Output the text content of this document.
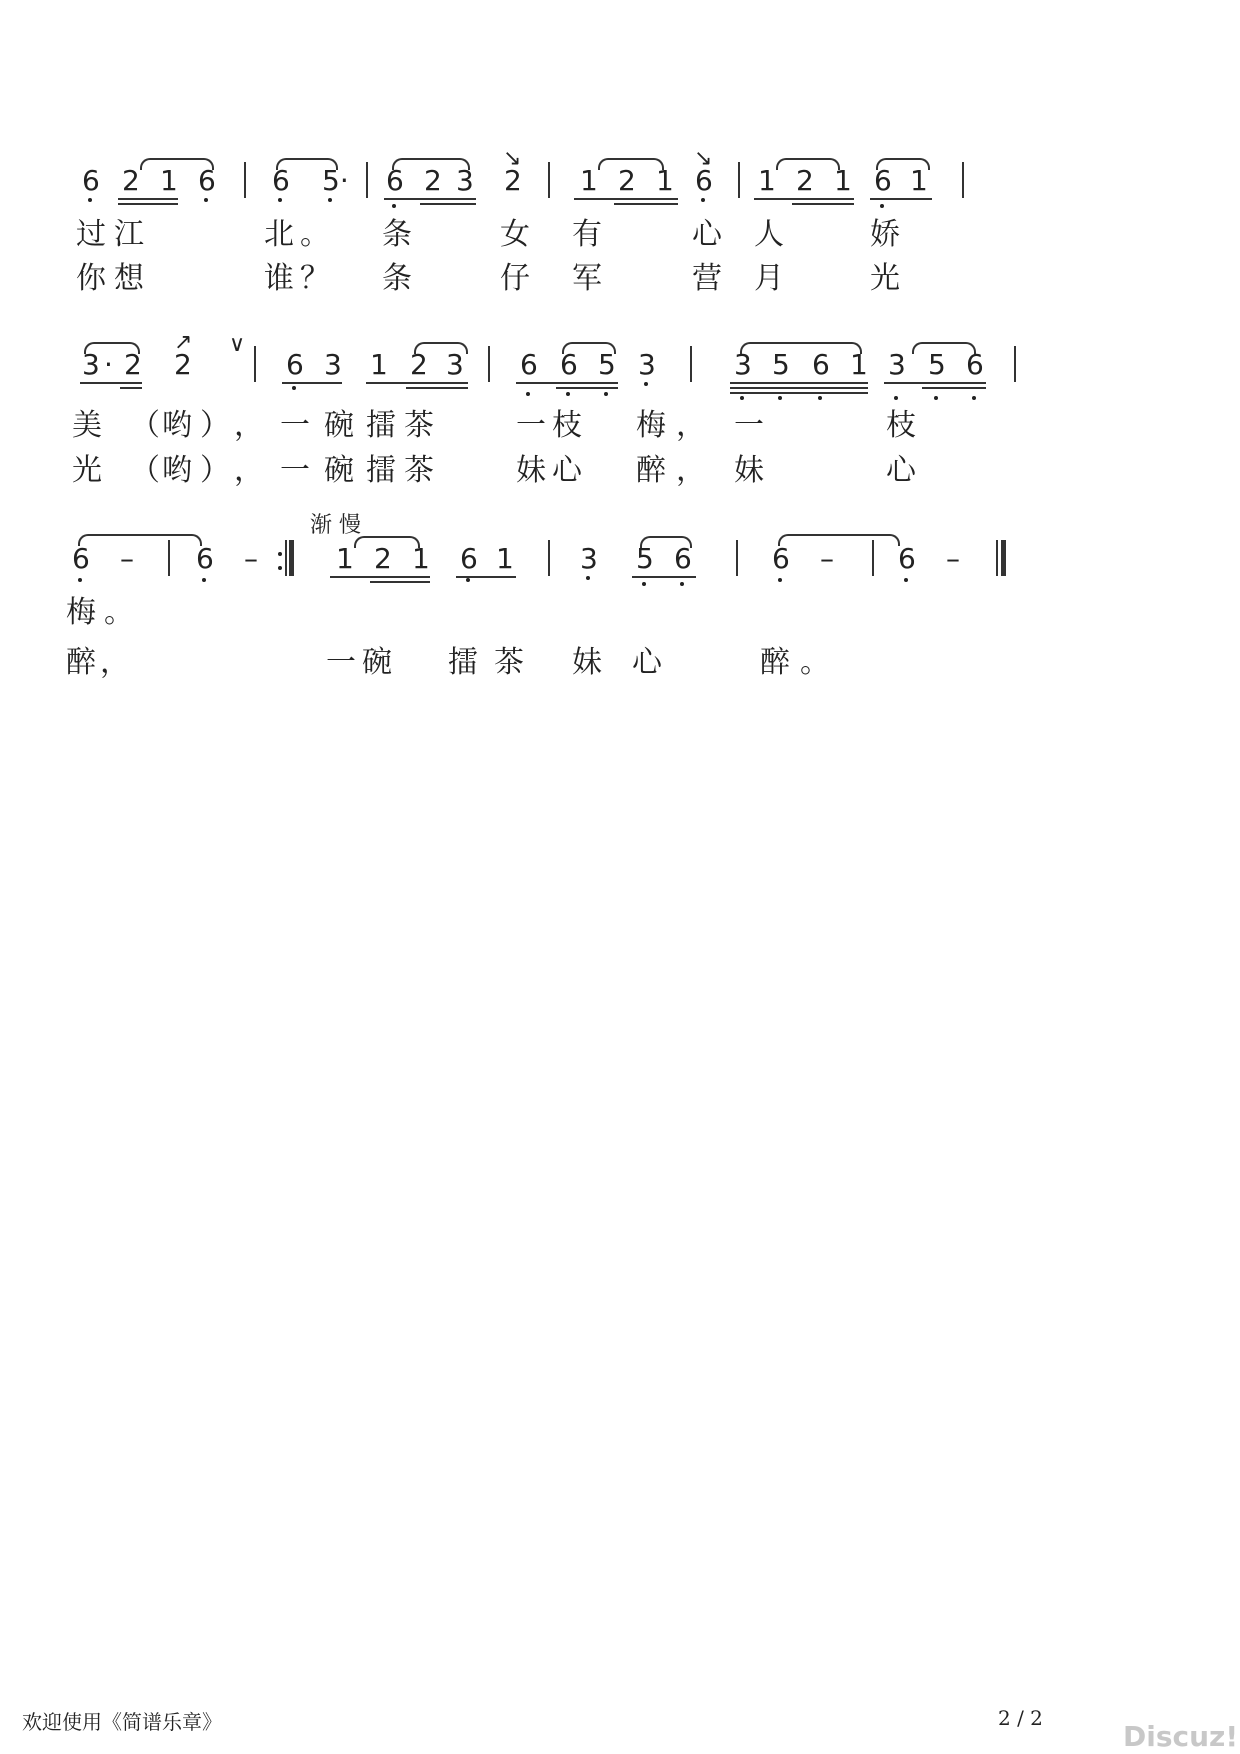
6 2 1 6 6 5· 6 2 3
↘
2 1 2 1
↘
6 1 2 1 6 1
过 江	北 。 条	女 有	心 人	娇
你 想	谁 ？ 条	仔 军	营 月	光
3 · 2
↗
2
∨
6 3 1 2 3 6 6 5 3	3 5 6 1 3 5 6
美 （ 哟 ） ， 一 碗 擂 茶	一 枝 梅 ， 一	枝
光 （ 哟 ） ， 一 碗 擂 茶	妹 心 醉 ， 妹	心
渐 慢
6 – 6 –	1 2 1 6 1 3 5 6	6 – 6 –
梅 。
醉 ，	一 碗 擂 茶 妹 心	醉 。
欢迎使用《简谱乐章》	2 / 2
Discuz!
